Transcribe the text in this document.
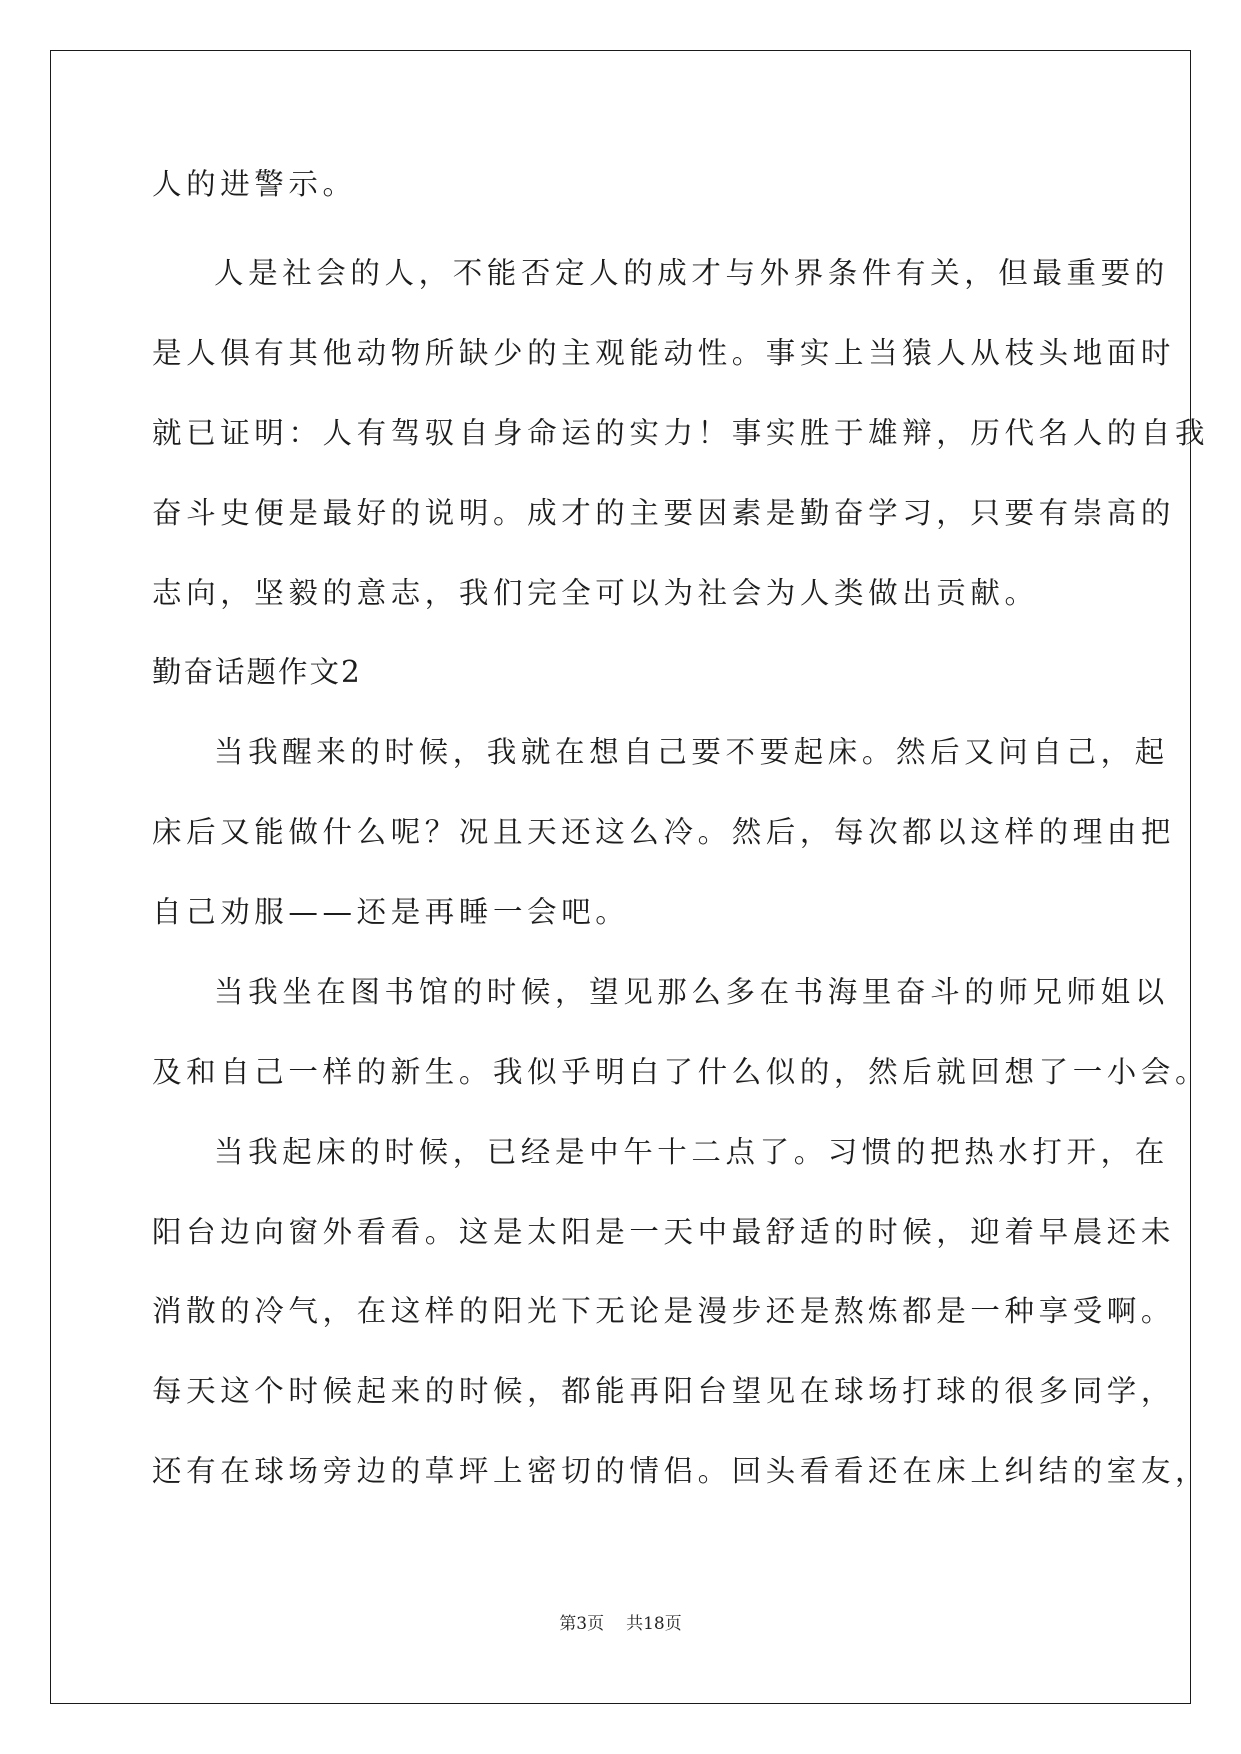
人的进警示。

人是社会的人，不能否定人的成才与外界条件有关，但最重要的

是人俱有其他动物所缺少的主观能动性。事实上当猿人从枝头地面时

就已证明：人有驾驭自身命运的实力！事实胜于雄辩，历代名人的自我

奋斗史便是最好的说明。成才的主要因素是勤奋学习，只要有崇高的

志向，坚毅的意志，我们完全可以为社会为人类做出贡献。

勤奋话题作文2

当我醒来的时候，我就在想自己要不要起床。然后又问自己，起

床后又能做什么呢？况且天还这么冷。然后，每次都以这样的理由把

自己劝服——还是再睡一会吧。

当我坐在图书馆的时候，望见那么多在书海里奋斗的师兄师姐以

及和自己一样的新生。我似乎明白了什么似的，然后就回想了一小会。

当我起床的时候，已经是中午十二点了。习惯的把热水打开，在

阳台边向窗外看看。这是太阳是一天中最舒适的时候，迎着早晨还未

消散的冷气，在这样的阳光下无论是漫步还是熬炼都是一种享受啊。

每天这个时候起来的时候，都能再阳台望见在球场打球的很多同学，

还有在球场旁边的草坪上密切的情侣。回头看看还在床上纠结的室友，

第3页 共18页
